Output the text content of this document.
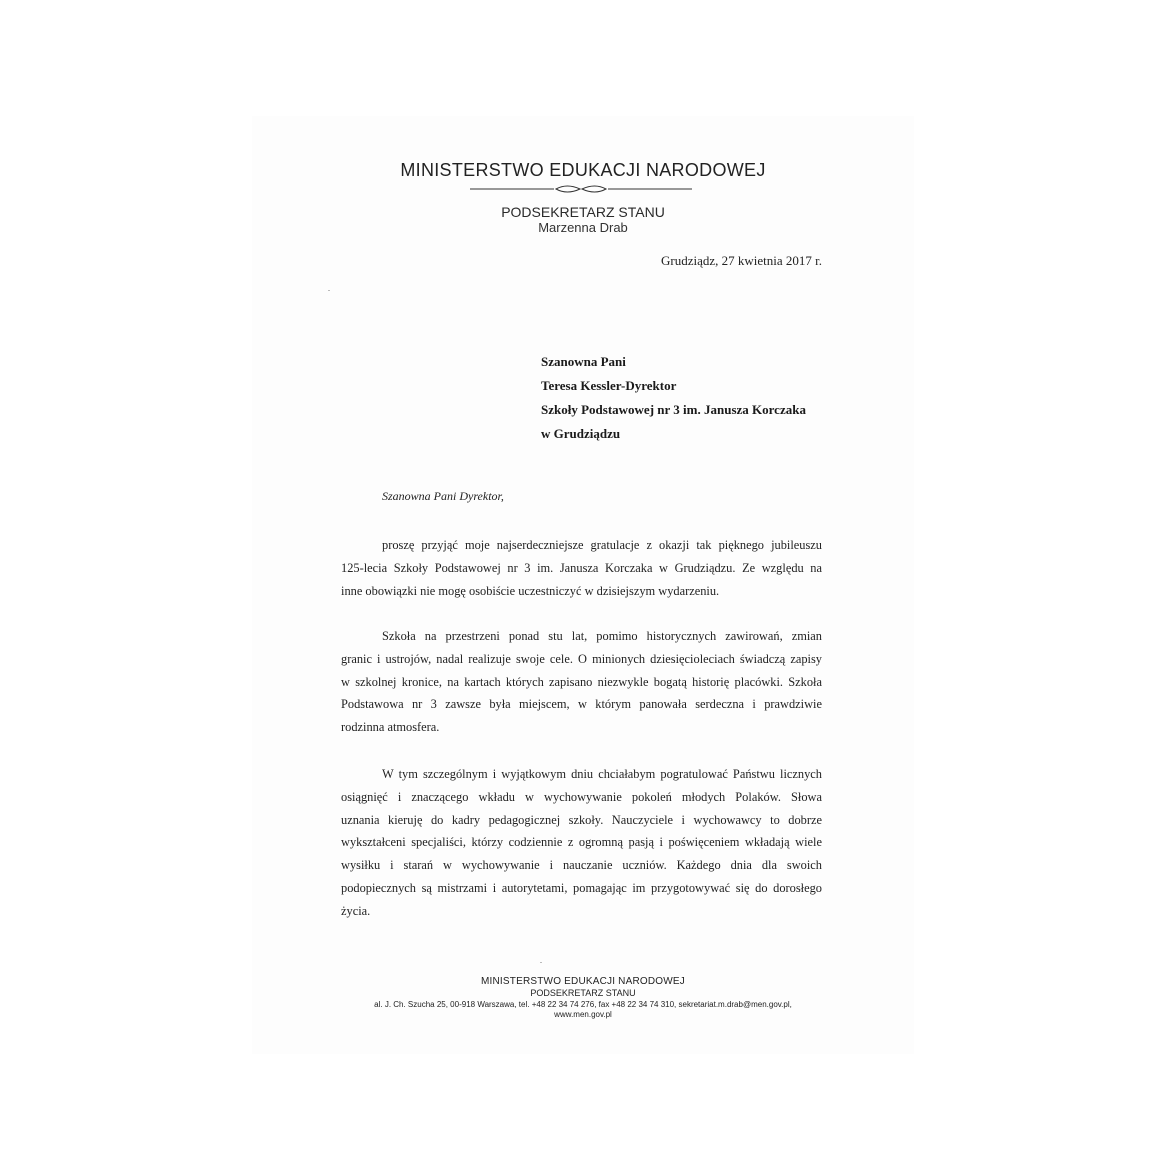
MINISTERSTWO EDUKACJI NARODOWEJ
PODSEKRETARZ STANU
Marzenna Drab
Grudziądz, 27 kwietnia 2017 r.
Szanowna Pani
Teresa Kessler-Dyrektor
Szkoły Podstawowej nr 3 im. Janusza Korczaka
w Grudziądzu
Szanowna Pani Dyrektor,
proszę przyjąć moje najserdeczniejsze gratulacje z okazji tak pięknego jubileuszu
125-lecia Szkoły Podstawowej nr 3 im. Janusza Korczaka w Grudziądzu. Ze względu na
inne obowiązki nie mogę osobiście uczestniczyć w dzisiejszym wydarzeniu.
Szkoła na przestrzeni ponad stu lat, pomimo historycznych zawirowań, zmian
granic i ustrojów, nadal realizuje swoje cele. O minionych dziesięcioleciach świadczą zapisy
w szkolnej kronice, na kartach których zapisano niezwykle bogatą historię placówki. Szkoła
Podstawowa nr 3 zawsze była miejscem, w którym panowała serdeczna i prawdziwie
rodzinna atmosfera.
W tym szczególnym i wyjątkowym dniu chciałabym pogratulować Państwu licznych
osiągnięć i znaczącego wkładu w wychowywanie pokoleń młodych Polaków. Słowa
uznania kieruję do kadry pedagogicznej szkoły. Nauczyciele i wychowawcy to dobrze
wykształceni specjaliści, którzy codziennie z ogromną pasją i poświęceniem wkładają wiele
wysiłku i starań w wychowywanie i nauczanie uczniów. Każdego dnia dla swoich
podopiecznych są mistrzami i autorytetami, pomagając im przygotowywać się do dorosłego
życia.
MINISTERSTWO EDUKACJI NARODOWEJ
PODSEKRETARZ STANU
al. J. Ch. Szucha 25, 00-918 Warszawa, tel. +48 22 34 74 276, fax +48 22 34 74 310, sekretariat.m.drab@men.gov.pl,
www.men.gov.pl
